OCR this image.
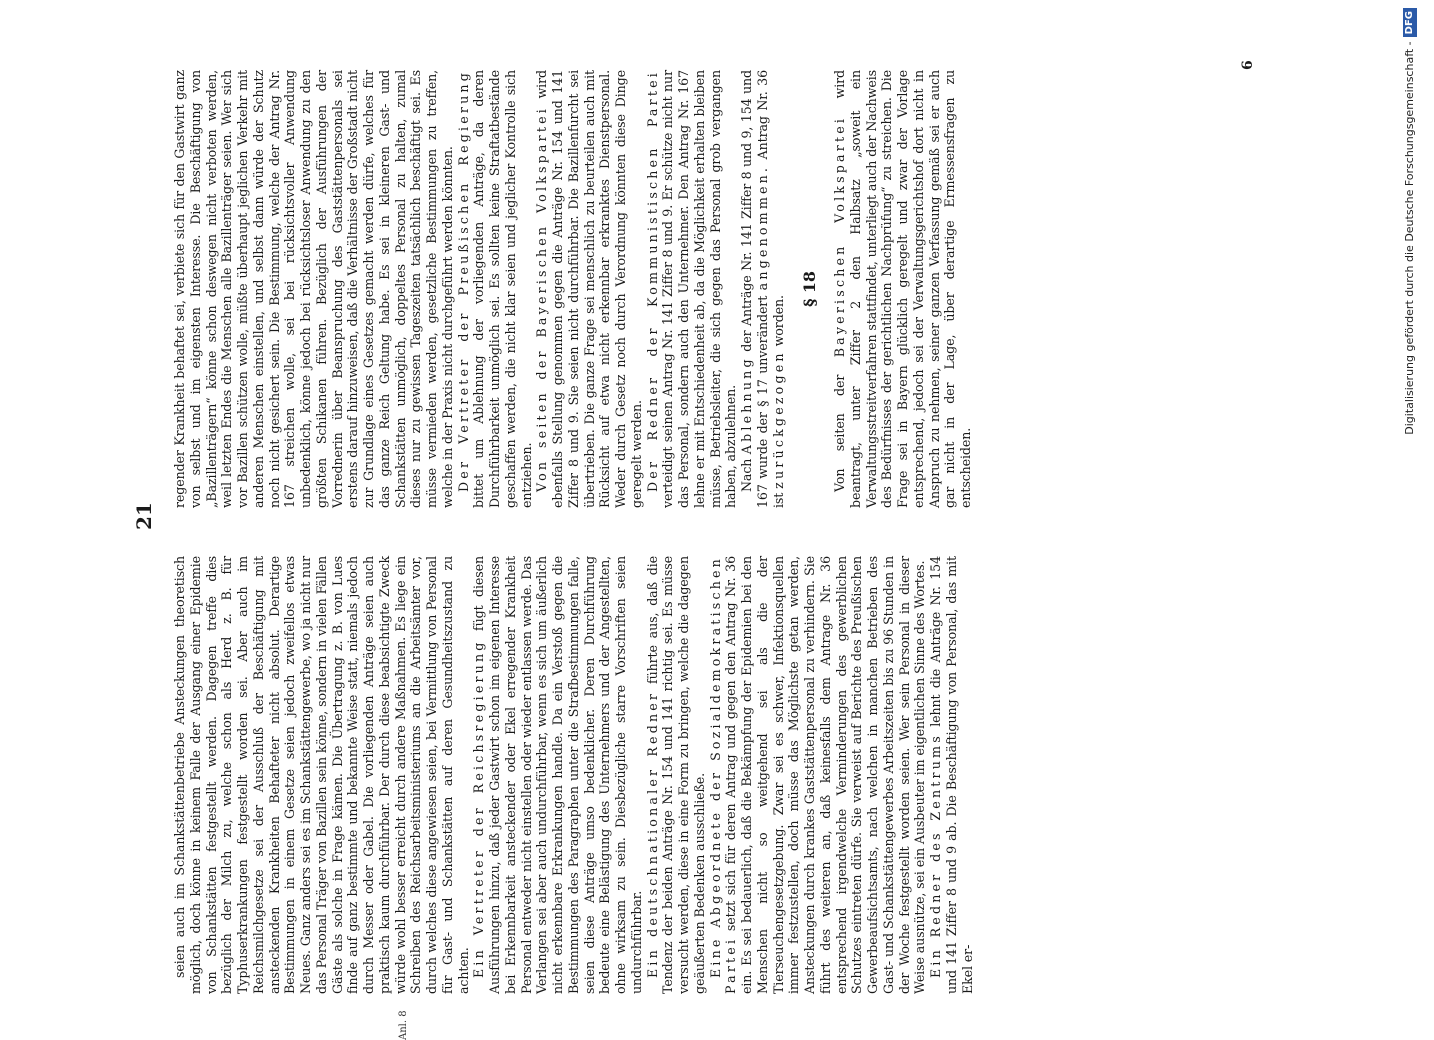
21
Anl. 8

seien auch im Schankstättenbetriebe Ansteckungen theoretisch möglich, doch könne in keinem Falle der Ausgang einer Epidemie von Schankstätten festgestellt werden. Dagegen treffe dies bezüglich der Milch zu, welche schon als Herd z. B. für Typhuserkrankungen festgestellt worden sei. Aber auch im Reichsmilchgesetze sei der Ausschluß der Beschäftigung mit ansteckenden Krankheiten Behafteter nicht absolut. Derartige Bestimmungen in einem Gesetze seien jedoch zweifellos etwas Neues. Ganz anders sei es im Schankstättengewerbe, wo ja nicht nur das Personal Träger von Bazillen sein könne, sondern in vielen Fällen Gäste als solche in Frage kämen. Die Übertragung z. B. von Lues finde auf ganz bestimmte und bekannte Weise statt, niemals jedoch durch Messer oder Gabel. Die vorliegenden Anträge seien auch praktisch kaum durchführbar. Der durch diese beabsichtigte Zweck würde wohl besser erreicht durch andere Maßnahmen. Es liege ein Schreiben des Reichsarbeitsministeriums an die Arbeitsämter vor, durch welches diese angewiesen seien, bei Vermittlung von Personal für Gast- und Schankstätten auf deren Gesundheitszustand zu achten. Ein Vertreter der Reichsregierung fügt diesen Ausführungen hinzu, daß jeder Gastwirt schon im eigenen Interesse bei Erkennbarkeit ansteckender oder Ekel erregender Krankheit Personal entweder nicht einstellen oder wieder entlassen werde. Das Verlangen sei aber auch undurchführbar, wenn es sich um äußerlich nicht erkennbare Erkrankungen handle. Da ein Verstoß gegen die Bestimmungen des Paragraphen unter die Strafbestimmungen falle, seien diese Anträge umso bedenklicher. Deren Durchführung bedeute eine Belästigung des Unternehmers und der Angestellten, ohne wirksam zu sein. Diesbezügliche starre Vorschriften seien undurchführbar. Ein deutschnationaler Redner führte aus, daß die Tendenz der beiden Anträge Nr. 154 und 141 richtig sei. Es müsse versucht werden, diese in eine Form zu bringen, welche die dagegen geäußerten Bedenken ausschließe. Eine Abgeordnete der Sozialdemokratischen Partei setzt sich für deren Antrag und gegen den Antrag Nr. 36 ein. Es sei bedauerlich, daß die Bekämpfung der Epidemien bei den Menschen nicht so weitgehend sei als die der Tierseuchengesetzgebung. Zwar sei es schwer, Infektionsquellen immer festzustellen, doch müsse das Möglichste getan werden, Ansteckungen durch krankes Gaststättenpersonal zu verhindern. Sie führt des weiteren an, daß keinesfalls dem Antrage Nr. 36 entsprechend irgendwelche Verminderungen des gewerblichen Schutzes eintreten dürfe. Sie verweist auf Berichte des Preußischen Gewerbeaufsichtsamts, nach welchen in manchen Betrieben des Gast- und Schankstättengewerbes Arbeitszeiten bis zu 96 Stunden in der Woche festgestellt worden seien. Wer sein Personal in dieser Weise ausnütze, sei ein Ausbeuter im eigentlichen Sinne des Wortes. Ein Redner des Zentrums lehnt die Anträge Nr. 154 und 141 Ziffer 8 und 9 ab. Die Beschäftigung von Personal, das mit Ekel er-

regender Krankheit behaftet sei, verbiete sich für den Gastwirt ganz von selbst und im eigensten Interesse. Die Beschäftigung von „Bazillenträgern“ könne schon deswegen nicht verboten werden, weil letzten Endes die Menschen alle Bazillenträger seien. Wer sich vor Bazillen schützen wolle, müßte überhaupt jeglichen Verkehr mit anderen Menschen einstellen, und selbst dann würde der Schutz noch nicht gesichert sein. Die Bestimmung, welche der Antrag Nr. 167 streichen wolle, sei bei rücksichtsvoller Anwendung unbedenklich, könne jedoch bei rücksichtsloser Anwendung zu den größten Schikanen führen. Bezüglich der Ausführungen der Vorrednerin über Beanspruchung des Gaststättenpersonals sei erstens darauf hinzuweisen, daß die Verhältnisse der Großstadt nicht zur Grundlage eines Gesetzes gemacht werden dürfe, welches für das ganze Reich Geltung habe. Es sei in kleineren Gast- und Schankstätten unmöglich, doppeltes Personal zu halten, zumal dieses nur zu gewissen Tageszeiten tatsächlich beschäftigt sei. Es müsse vermieden werden, gesetzliche Bestimmungen zu treffen, welche in der Praxis nicht durchgeführt werden könnten. Der Vertreter der Preußischen Regierung bittet um Ablehnung der vorliegenden Anträge, da deren Durchführbarkeit unmöglich sei. Es sollten keine Straftatbestände geschaffen werden, die nicht klar seien und jeglicher Kontrolle sich entziehen. Von seiten der Bayerischen Volkspartei wird ebenfalls Stellung genommen gegen die Anträge Nr. 154 und 141 Ziffer 8 und 9. Sie seien nicht durchführbar. Die Bazillenfurcht sei übertrieben. Die ganze Frage sei menschlich zu beurteilen auch mit Rücksicht auf etwa nicht erkennbar erkranktes Dienstpersonal. Weder durch Gesetz noch durch Verordnung könnten diese Dinge geregelt werden. Der Redner der Kommunistischen Partei verteidigt seinen Antrag Nr. 141 Ziffer 8 und 9. Er schütze nicht nur das Personal, sondern auch den Unternehmer. Den Antrag Nr. 167 lehne er mit Entschiedenheit ab, da die Möglichkeit erhalten bleiben müsse, Betriebsleiter, die sich gegen das Personal grob vergangen haben, abzulehnen. Nach Ablehnung der Anträge Nr. 141 Ziffer 8 und 9, 154 und 167 wurde der § 17 unverändert angenommen. Antrag Nr. 36 ist zurückgezogen worden.

§ 18

Von seiten der Bayerischen Volkspartei wird beantragt, unter Ziffer 2 den Halbsatz „soweit ein Verwaltungsstreitverfahren stattfindet, unterliegt auch der Nachweis des Bedürfnisses der gerichtlichen Nachprüfung“ zu streichen. Die Frage sei in Bayern glücklich geregelt und zwar der Vorlage entsprechend, jedoch sei der Verwaltungsgerichtshof dort nicht in Anspruch zu nehmen, seiner ganzen Verfassung gemäß sei er auch gar nicht in der Lage, über derartige Ermessensfragen zu entscheiden.

6	Digitalisierung gefördert durch die Deutsche Forschungsgemeinschaft -DFG
